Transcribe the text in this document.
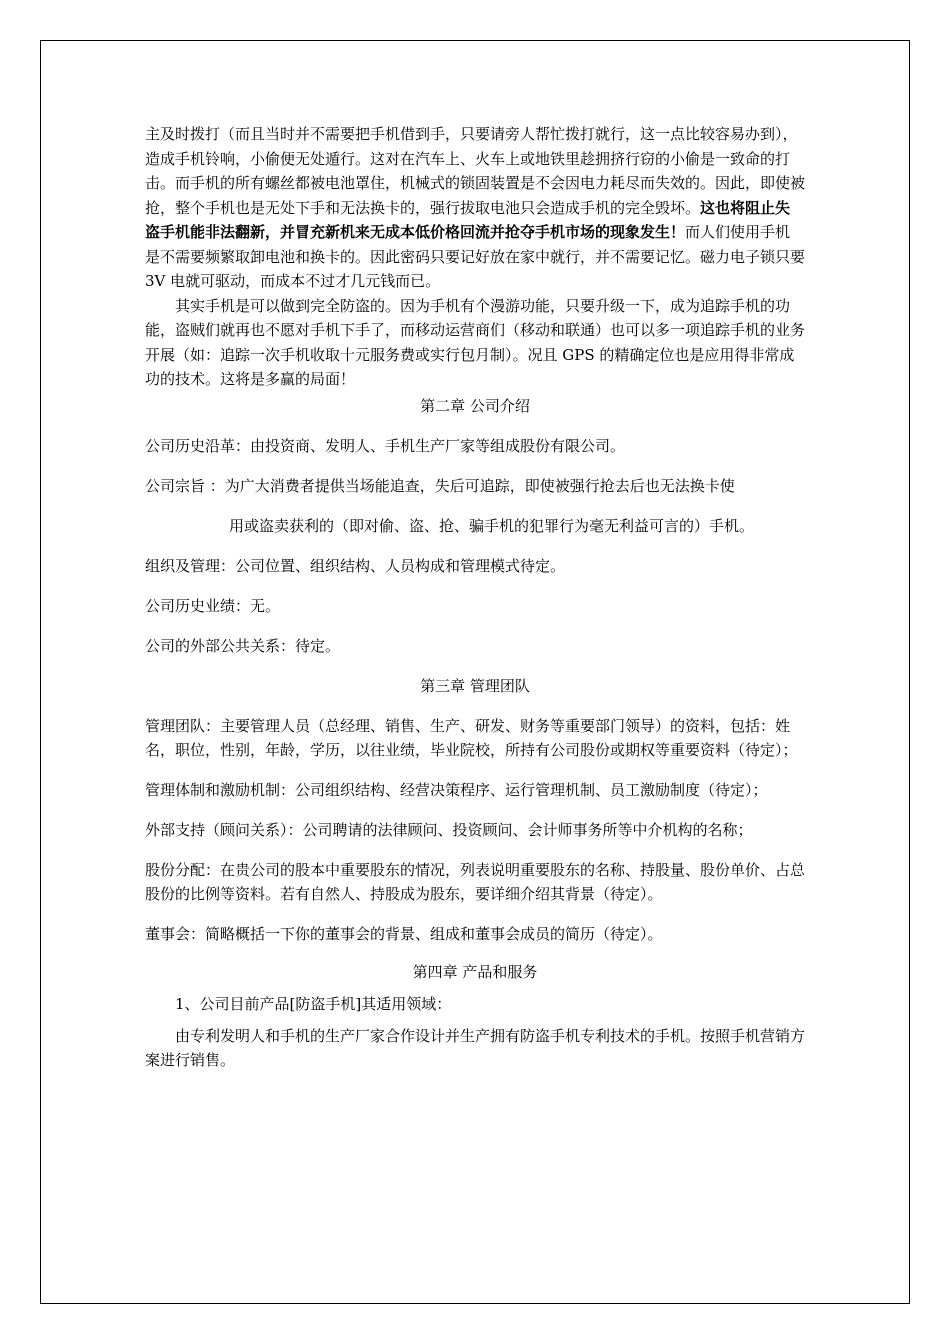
主及时拨打（而且当时并不需要把手机借到手，只要请旁人帮忙拨打就行，这一点比较容易办到），造成手机铃响，小偷便无处遁行。这对在汽车上、火车上或地铁里趁拥挤行窃的小偷是一致命的打击。而手机的所有螺丝都被电池罩住，机械式的锁固装置是不会因电力耗尽而失效的。因此，即使被抢，整个手机也是无处下手和无法换卡的，强行拔取电池只会造成手机的完全毁坏。这也将阻止失盗手机能非法翻新，并冒充新机来无成本低价格回流并抢夺手机市场的现象发生！而人们使用手机是不需要频繁取卸电池和换卡的。因此密码只要记好放在家中就行，并不需要记忆。磁力电子锁只要 3V 电就可驱动，而成本不过才几元钱而已。

其实手机是可以做到完全防盗的。因为手机有个漫游功能，只要升级一下，成为追踪手机的功能，盗贼们就再也不愿对手机下手了，而移动运营商们（移动和联通）也可以多一项追踪手机的业务开展（如：追踪一次手机收取十元服务费或实行包月制）。况且 GPS 的精确定位也是应用得非常成功的技术。这将是多赢的局面！

第二章 公司介绍

公司历史沿革：由投资商、发明人、手机生产厂家等组成股份有限公司。

公司宗旨 ：为广大消费者提供当场能追查，失后可追踪，即使被强行抢去后也无法换卡使

用或盗卖获利的（即对偷、盗、抢、骗手机的犯罪行为毫无利益可言的）手机。

组织及管理：公司位置、组织结构、人员构成和管理模式待定。

公司历史业绩：无。

公司的外部公共关系：待定。

第三章 管理团队

管理团队：主要管理人员（总经理、销售、生产、研发、财务等重要部门领导）的资料，包括：姓名，职位，性别，年龄，学历，以往业绩，毕业院校，所持有公司股份或期权等重要资料（待定）；

管理体制和激励机制：公司组织结构、经营决策程序、运行管理机制、员工激励制度（待定）；

外部支持（顾问关系）：公司聘请的法律顾问、投资顾问、会计师事务所等中介机构的名称；

股份分配：在贵公司的股本中重要股东的情况，列表说明重要股东的名称、持股量、股份单价、占总股份的比例等资料。若有自然人、持股成为股东，要详细介绍其背景（待定）。

董事会：简略概括一下你的董事会的背景、组成和董事会成员的简历（待定）。

第四章 产品和服务

1、公司目前产品[防盗手机]其适用领域：

由专利发明人和手机的生产厂家合作设计并生产拥有防盗手机专利技术的手机。按照手机营销方案进行销售。
